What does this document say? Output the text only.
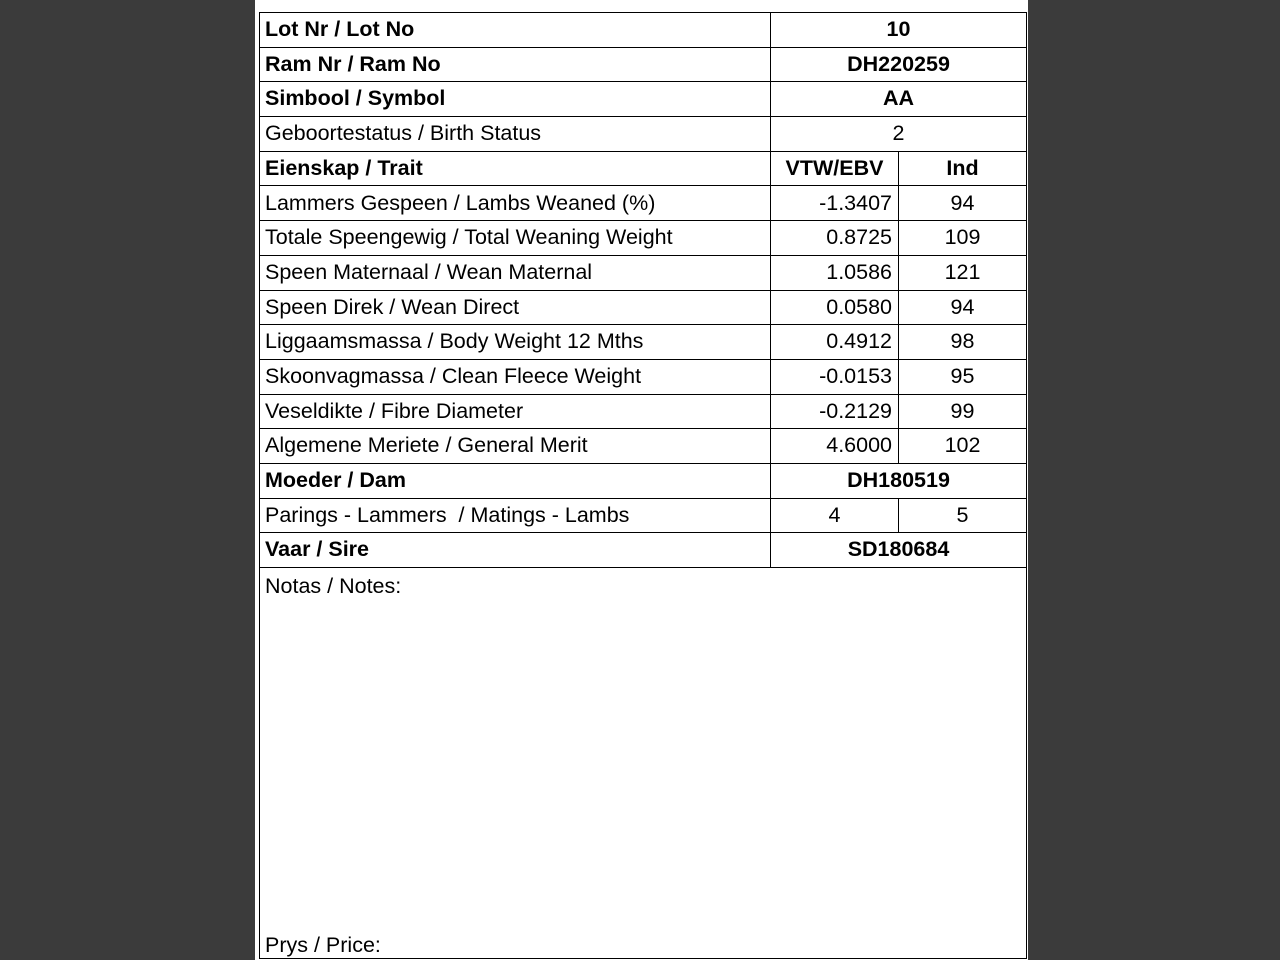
Lot Nr / Lot No	10	
Ram Nr / Ram No	DH220259	
Simbool / Symbol	AA	
Geboortestatus / Birth Status	2	
Eienskap / Trait	VTW/EBV	Ind
Lammers Gespeen / Lambs Weaned (%)	-1.3407	94
Totale Speengewig / Total Weaning Weight	0.8725	109
Speen Maternaal / Wean Maternal	1.0586	121
Speen Direk / Wean Direct	0.0580	94
Liggaamsmassa / Body Weight 12 Mths	0.4912	98
Skoonvagmassa / Clean Fleece Weight	-0.0153	95
Veseldikte / Fibre Diameter	-0.2129	99
Algemene Meriete / General Merit	4.6000	102
Moeder / Dam	DH180519	
Parings - Lammers  / Matings - Lambs	4	5
Vaar / Sire	SD180684	
Notas / Notes:
Prys / Price:		
